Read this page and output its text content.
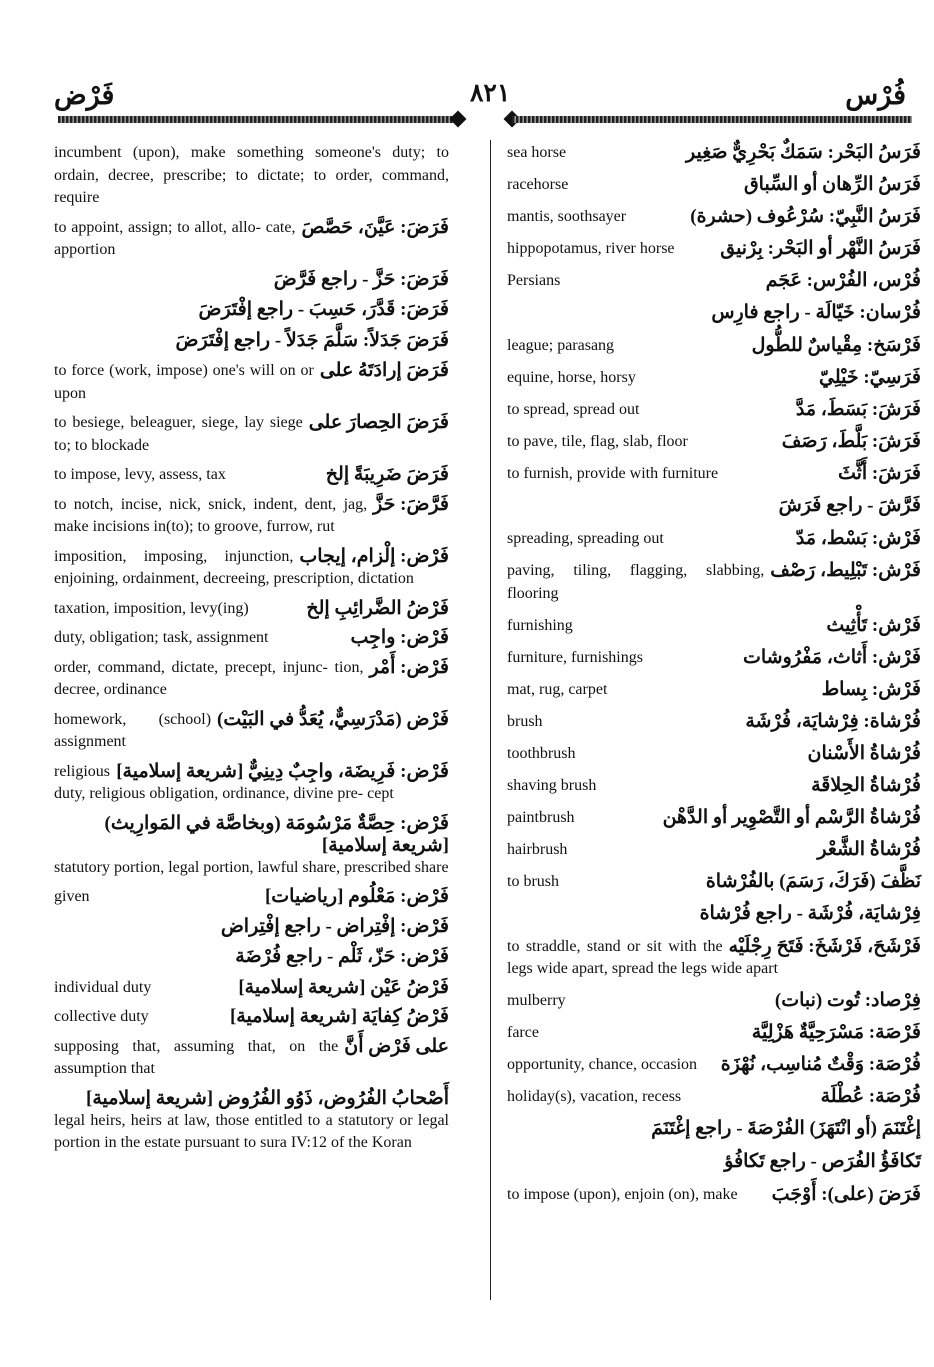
فَرْض	٨٢١	فُرْس
incumbent (upon), make something someone's duty; to ordain, decree, prescribe; to dictate; to order, command, require
فَرَضَ: عَيَّنَ، حَصَّصَ
to appoint, assign; to allot, allo- cate, apportion
فَرَضَ: حَزَّ - راجع فَرَّضَ
فَرَضَ: قَدَّرَ، حَسِبَ - راجع إفْتَرَضَ
فَرَضَ جَدَلاً: سَلَّمَ جَدَلاً - راجع إفْتَرَضَ
فَرَضَ إرادَتَهُ على
to force (work, impose) one's will on or upon
فَرَضَ الحِصارَ على
to besiege, beleaguer, siege, lay siege to; to blockade
فَرَضَ ضَرِيبَةً إلخ
to impose, levy, assess, tax
فَرَّضَ: حَزَّ
to notch, incise, nick, snick, indent, dent, jag, make incisions in(to); to groove, furrow, rut
فَرْض: إلْزام، إيجاب
imposition, imposing, injunction, enjoining, ordainment, decreeing, prescription, dictation
فَرْضُ الضَّرائِبِ إلخ
taxation, imposition, levy(ing)
فَرْض: واجِب
duty, obligation; task, assignment
فَرْض: أَمْر
order, command, dictate, precept, injunc- tion, decree, ordinance
فَرْض (مَدْرَسِيٌّ، يُعَدُّ في البَيْت)
homework, (school) assignment
فَرْض: فَرِيضَة، واجِبٌ دِينِيٌّ [شريعة إسلامية]
religious duty, religious obligation, ordinance, divine pre- cept
فَرْض: حِصَّةٌ مَرْسُومَة (وبخاصَّة في المَوارِيث) [شريعة إسلامية]
statutory portion, legal portion, lawful share, prescribed share
فَرْض: مَعْلُوم [رياضيات]
given
فَرْض: إفْتِراض - راجع إفْتِراض
فَرْض: حَزّ، ثَلْم - راجع فُرْضَة
فَرْضُ عَيْن [شريعة إسلامية]
individual duty
فَرْضُ كِفايَة [شريعة إسلامية]
collective duty
على فَرْض أَنَّ
supposing that, assuming that, on the assumption that
أَصْحابُ الفُرُوض، ذَوُو الفُرُوض [شريعة إسلامية]
legal heirs, heirs at law, those entitled to a statutory or legal portion in the estate pursuant to sura IV:12 of the Koran
فَرَسُ البَحْر: سَمَكٌ بَحْرِيٌّ صَغِير
sea horse
فَرَسُ الرِّهان أو السِّباق
racehorse
فَرَسُ النَّبِيّ: سُرْعُوف (حشرة)
mantis, soothsayer
فَرَسُ النَّهْر أو البَحْر: بِرْنيق
hippopotamus, river horse
فُرْس، الفُرْس: عَجَم
Persians
فُرْسان: خَيّالَة - راجع فارِس
فَرْسَخ: مِقْياسٌ للطُّول
league; parasang
فَرَسِيّ: خَيْلِيّ
equine, horse, horsy
فَرَشَ: بَسَطَ، مَدَّ
to spread, spread out
فَرَشَ: بَلَّطَ، رَصَفَ
to pave, tile, flag, slab, floor
فَرَشَ: أَثَّثَ
to furnish, provide with furniture
فَرَّشَ - راجع فَرَشَ
فَرْش: بَسْط، مَدّ
spreading, spreading out
فَرْش: تَبْلِيط، رَصْف
paving, tiling, flagging, slabbing, flooring
فَرْش: تَأْثِيث
furnishing
فَرْش: أَثاث، مَفْرُوشات
furniture, furnishings
فَرْش: بِساط
mat, rug, carpet
فُرْشاة: فِرْشايَة، فُرْشَة
brush
فُرْشاةُ الأَسْنان
toothbrush
فُرْشاةُ الحِلاقَة
shaving brush
فُرْشاةُ الرَّسْم أو التَّصْوِير أو الدَّهْن
paintbrush
فُرْشاةُ الشَّعْر
hairbrush
نَظَّفَ (فَرَكَ، رَسَمَ) بالفُرْشاة
to brush
فِرْشايَة، فُرْشَة - راجع فُرْشاة
فَرْشَحَ، فَرْشَخَ: فَتَحَ رِجْلَيْه
to straddle, stand or sit with the legs wide apart, spread the legs wide apart
فِرْصاد: تُوت (نبات)
mulberry
فَرْصَة: مَسْرَحِيَّةٌ هَزْلِيَّة
farce
فُرْصَة: وَقْتٌ مُناسِب، نُهْزَة
opportunity, chance, occasion
فُرْصَة: عُطْلَة
holiday(s), vacation, recess
إغْتَنَمَ (أو انْتَهَزَ) الفُرْصَةَ - راجع إغْتَنَمَ
تَكافَؤُ الفُرَص - راجع تَكافُؤ
فَرَضَ (على): أَوْجَبَ
to impose (upon), enjoin (on), make
